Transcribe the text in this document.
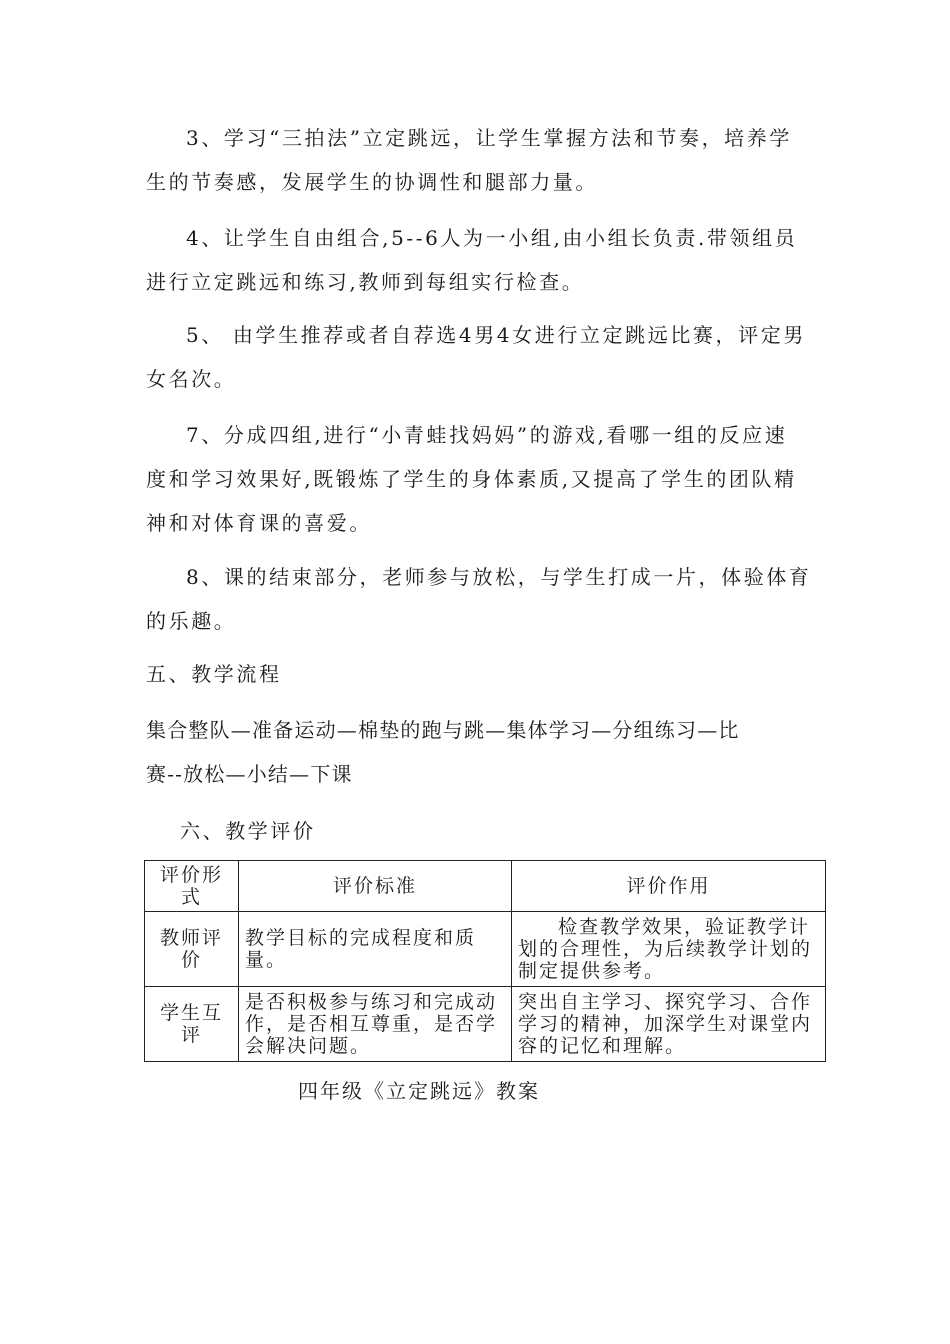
3、学习“三拍法”立定跳远，让学生掌握方法和节奏，培养学
生的节奏感，发展学生的协调性和腿部力量。
4、让学生自由组合,5--6人为一小组,由小组长负责.带领组员
进行立定跳远和练习,教师到每组实行检查。
5、 由学生推荐或者自荐选4男4女进行立定跳远比赛，评定男
女名次。
7、分成四组,进行“小青蛙找妈妈”的游戏,看哪一组的反应速
度和学习效果好,既锻炼了学生的身体素质,又提高了学生的团队精
神和对体育课的喜爱。
8、课的结束部分，老师参与放松，与学生打成一片，体验体育
的乐趣。
五、教学流程
集合整队—准备运动—棉垫的跑与跳—集体学习—分组练习—比
赛--放松—小结—下课
六、教学评价
评价形式	评价标准	评价作用
教师评价	教学目标的完成程度和质量。	检查教学效果，验证教学计划的合理性，为后续教学计划的制定提供参考。
学生互评	是否积极参与练习和完成动作，是否相互尊重，是否学会解决问题。	突出自主学习、探究学习、合作学习的精神，加深学生对课堂内容的记忆和理解。
四年级《立定跳远》教案
